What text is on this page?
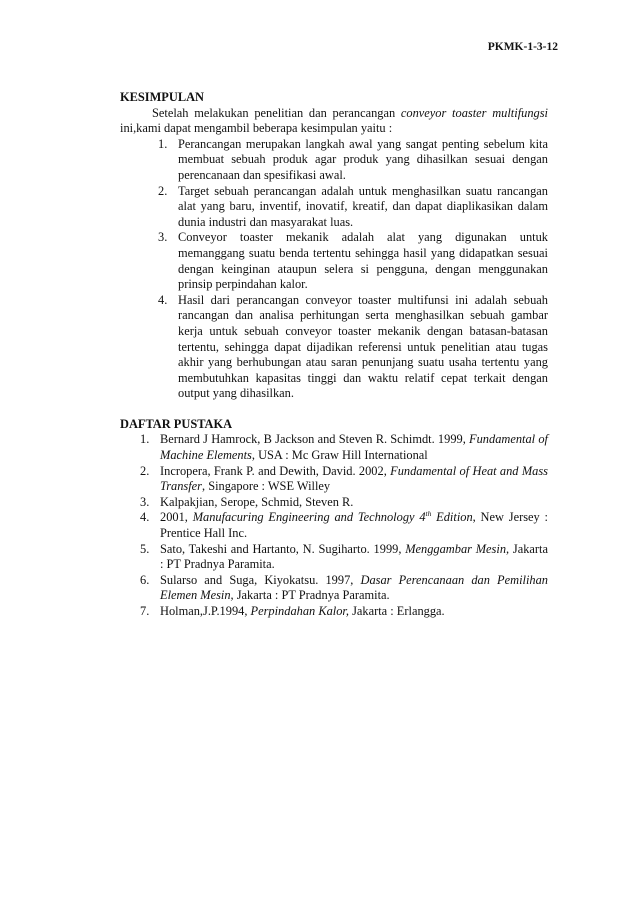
PKMK-1-3-12
KESIMPULAN

Setelah melakukan penelitian dan perancangan conveyor toaster multifungsi ini,kami dapat mengambil beberapa kesimpulan yaitu :

1. Perancangan merupakan langkah awal yang sangat penting sebelum kita membuat sebuah produk agar produk yang dihasilkan sesuai dengan perencanaan dan spesifikasi awal.
2. Target sebuah perancangan adalah untuk menghasilkan suatu rancangan alat yang baru, inventif, inovatif, kreatif, dan dapat diaplikasikan dalam dunia industri dan masyarakat luas.
3. Conveyor toaster mekanik adalah alat yang digunakan untuk memanggang suatu benda tertentu sehingga hasil yang didapatkan sesuai dengan keinginan ataupun selera si pengguna, dengan menggunakan prinsip perpindahan kalor.
4. Hasil dari perancangan conveyor toaster multifunsi ini adalah sebuah rancangan dan analisa perhitungan serta menghasilkan sebuah gambar kerja untuk sebuah conveyor toaster mekanik dengan batasan-batasan tertentu, sehingga dapat dijadikan referensi untuk penelitian atau tugas akhir yang berhubungan atau saran penunjang suatu usaha tertentu yang membutuhkan kapasitas tinggi dan waktu relatif cepat terkait dengan output yang dihasilkan.
DAFTAR PUSTAKA
1. Bernard J Hamrock, B Jackson and Steven R. Schimdt. 1999, Fundamental of Machine Elements, USA : Mc Graw Hill International
2. Incropera, Frank P. and Dewith, David. 2002, Fundamental of Heat and Mass Transfer, Singapore : WSE Willey
3. Kalpakjian, Serope, Schmid, Steven R.
4. 2001, Manufacuring Engineering and Technology 4th Edition, New Jersey : Prentice Hall Inc.
5. Sato, Takeshi and Hartanto, N. Sugiharto. 1999, Menggambar Mesin, Jakarta : PT Pradnya Paramita.
6. Sularso and Suga, Kiyokatsu. 1997, Dasar Perencanaan dan Pemilihan Elemen Mesin, Jakarta : PT Pradnya Paramita.
7. Holman,J.P.1994, Perpindahan Kalor, Jakarta : Erlangga.
